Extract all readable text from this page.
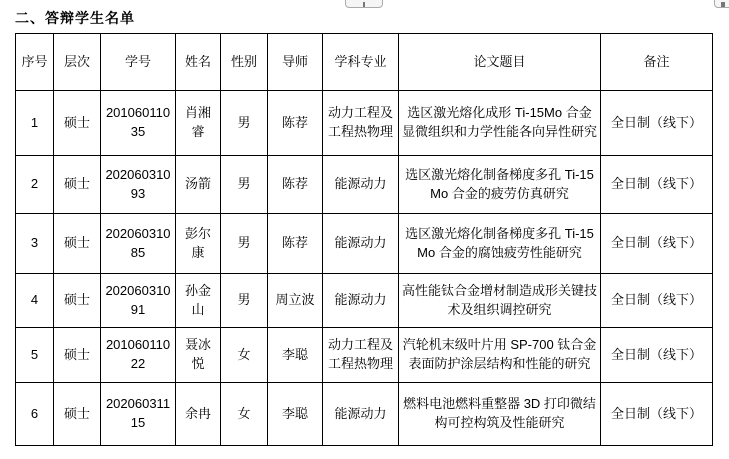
二、答辩学生名单
序号	层次	学号	姓名	性别	导师	学科专业	论文题目	备注
1	硕士	20106011035	肖湘睿	男	陈荐	动力工程及工程热物理	选区激光熔化成形 Ti-15Mo 合金显微组织和力学性能各向异性研究	全日制（线下）
2	硕士	20206031093	汤箭	男	陈荐	能源动力	选区激光熔化制备梯度多孔 Ti-15Mo 合金的疲劳仿真研究	全日制（线下）
3	硕士	20206031085	彭尔康	男	陈荐	能源动力	选区激光熔化制备梯度多孔 Ti-15Mo 合金的腐蚀疲劳性能研究	全日制（线下）
4	硕士	20206031091	孙金山	男	周立波	能源动力	高性能钛合金增材制造成形关键技术及组织调控研究	全日制（线下）
5	硕士	20106011022	聂冰悦	女	李聪	动力工程及工程热物理	汽轮机末级叶片用 SP-700 钛合金表面防护涂层结构和性能的研究	全日制（线下）
6	硕士	20206031115	余冉	女	李聪	能源动力	燃料电池燃料重整器 3D 打印微结构可控构筑及性能研究	全日制（线下）
